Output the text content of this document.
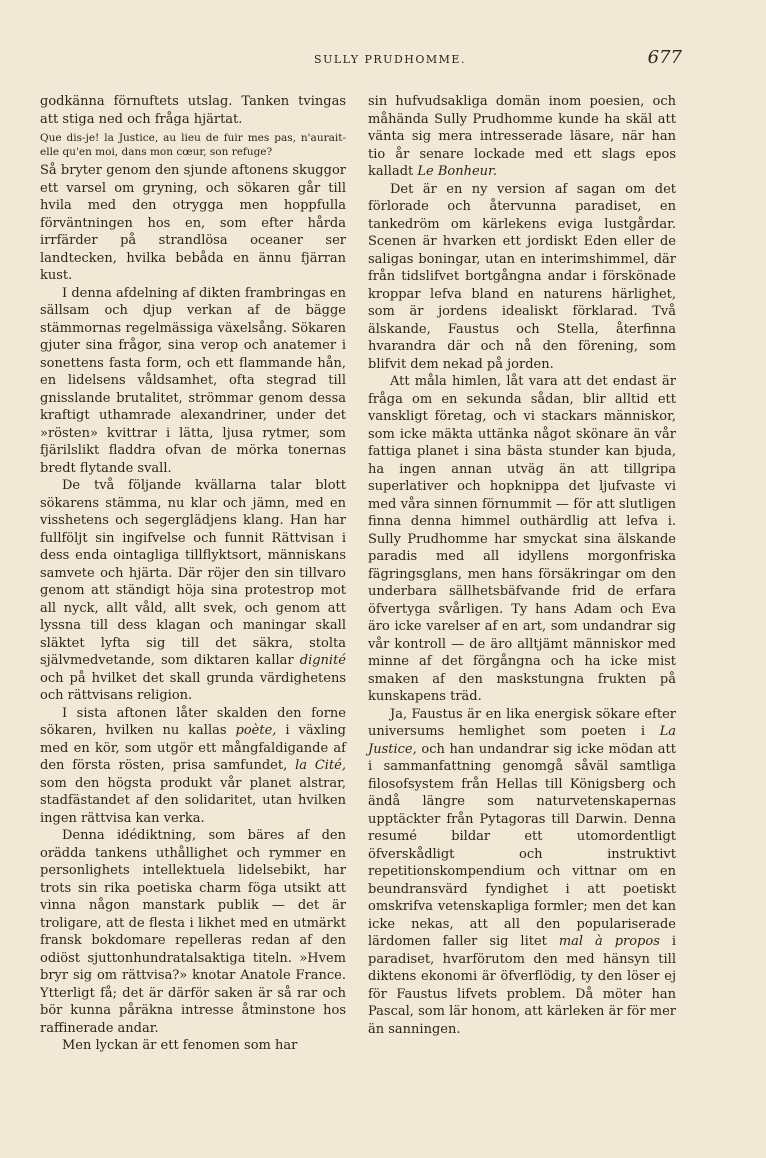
SULLY PRUDHOMME.	677

godkänna förnuftets utslag. Tanken tvingas att stiga ned och fråga hjärtat.

Que dis-je! la Justice, au lieu de fuir mes pas, n'aurait-elle qu'en moi, dans mon cœur, son refuge?

Så bryter genom den sjunde aftonens skuggor ett varsel om gryning, och sökaren går till hvila med den otrygga men hoppfulla förväntningen hos en, som efter hårda irrfärder på strandlösa oceaner ser landtecken, hvilka bebåda en ännu fjärran kust.

I denna afdelning af dikten frambringas en sällsam och djup verkan af de bägge stämmornas regelmässiga växelsång. Sökaren gjuter sina frågor, sina verop och anatemer i sonettens fasta form, och ett flammande hån, en lidelsens våldsamhet, ofta stegrad till gnisslande brutalitet, strömmar genom dessa kraftigt uthamrade alexandriner, under det »rösten» kvittrar i lätta, ljusa rytmer, som fjärilslikt fladdra ofvan de mörka tonernas bredt flytande svall.

De två följande kvällarna talar blott sökarens stämma, nu klar och jämn, med en visshetens och segerglädjens klang. Han har fullföljt sin ingifvelse och funnit Rättvisan i dess enda ointagliga tillflyktsort, människans samvete och hjärta. Där röjer den sin tillvaro genom att ständigt höja sina protestrop mot all nyck, allt våld, allt svek, och genom att lyssna till dess klagan och maningar skall släktet lyfta sig till det säkra, stolta självmedvetande, som diktaren kallar dignité och på hvilket det skall grunda värdighetens och rättvisans religion.

I sista aftonen låter skalden den forne sökaren, hvilken nu kallas poète, i växling med en kör, som utgör ett mångfaldigande af den första rösten, prisa samfundet, la Cité, som den högsta produkt vår planet alstrar, stadfästandet af den solidaritet, utan hvilken ingen rättvisa kan verka.

Denna idédiktning, som bäres af den orädda tankens uthållighet och rymmer en personlighets intellektuela lidelsebikt, har trots sin rika poetiska charm föga utsikt att vinna någon manstark publik — det är troligare, att de flesta i likhet med en utmärkt fransk bokdomare repelleras redan af den odiöst sjuttonhundratalsaktiga titeln. »Hvem bryr sig om rättvisa?» knotar Anatole France. Ytterligt få; det är därför saken är så rar och bör kunna påräkna intresse åtminstone hos raffinerade andar.

Men lyckan är ett fenomen som har

sin hufvudsakliga domän inom poesien, och måhända Sully Prudhomme kunde ha skäl att vänta sig mera intresserade läsare, när han tio år senare lockade med ett slags epos kalladt Le Bonheur.

Det är en ny version af sagan om det förlorade och återvunna paradiset, en tankedröm om kärlekens eviga lustgårdar. Scenen är hvarken ett jordiskt Eden eller de saligas boningar, utan en interimshimmel, där från tidslifvet bortgångna andar i förskönade kroppar lefva bland en naturens härlighet, som är jordens idealiskt förklarad. Två älskande, Faustus och Stella, återfinna hvarandra där och nå den förening, som blifvit dem nekad på jorden.

Att måla himlen, låt vara att det endast är fråga om en sekunda sådan, blir alltid ett vanskligt företag, och vi stackars människor, som icke mäkta uttänka något skönare än vår fattiga planet i sina bästa stunder kan bjuda, ha ingen annan utväg än att tillgripa superlativer och hopknippa det ljufvaste vi med våra sinnen förnummit — för att slutligen finna denna himmel outhärdlig att lefva i. Sully Prudhomme har smyckat sina älskande paradis med all idyllens morgonfriska fägringsglans, men hans försäkringar om den underbara sällhetsbäfvande frid de erfara öfvertyga svårligen. Ty hans Adam och Eva äro icke varelser af en art, som undandrar sig vår kontroll — de äro alltjämt människor med minne af det förgångna och ha icke mist smaken af den maskstungna frukten på kunskapens träd.

Ja, Faustus är en lika energisk sökare efter universums hemlighet som poeten i La Justice, och han undandrar sig icke mödan att i sammanfattning genomgå såväl samtliga filosofsystem från Hellas till Königsberg och ändå längre som naturvetenskapernas upptäckter från Pytagoras till Darwin. Denna resumé bildar ett utomordentligt öfverskådligt och instruktivt repetitionskompendium och vittnar om en beundransvärd fyndighet i att poetiskt omskrifva vetenskapliga formler; men det kan icke nekas, att all den populariserade lärdomen faller sig litet mal à propos i paradiset, hvarförutom den med hänsyn till diktens ekonomi är öfverflödig, ty den löser ej för Faustus lifvets problem. Då möter han Pascal, som lär honom, att kärleken är för mer än sanningen.
